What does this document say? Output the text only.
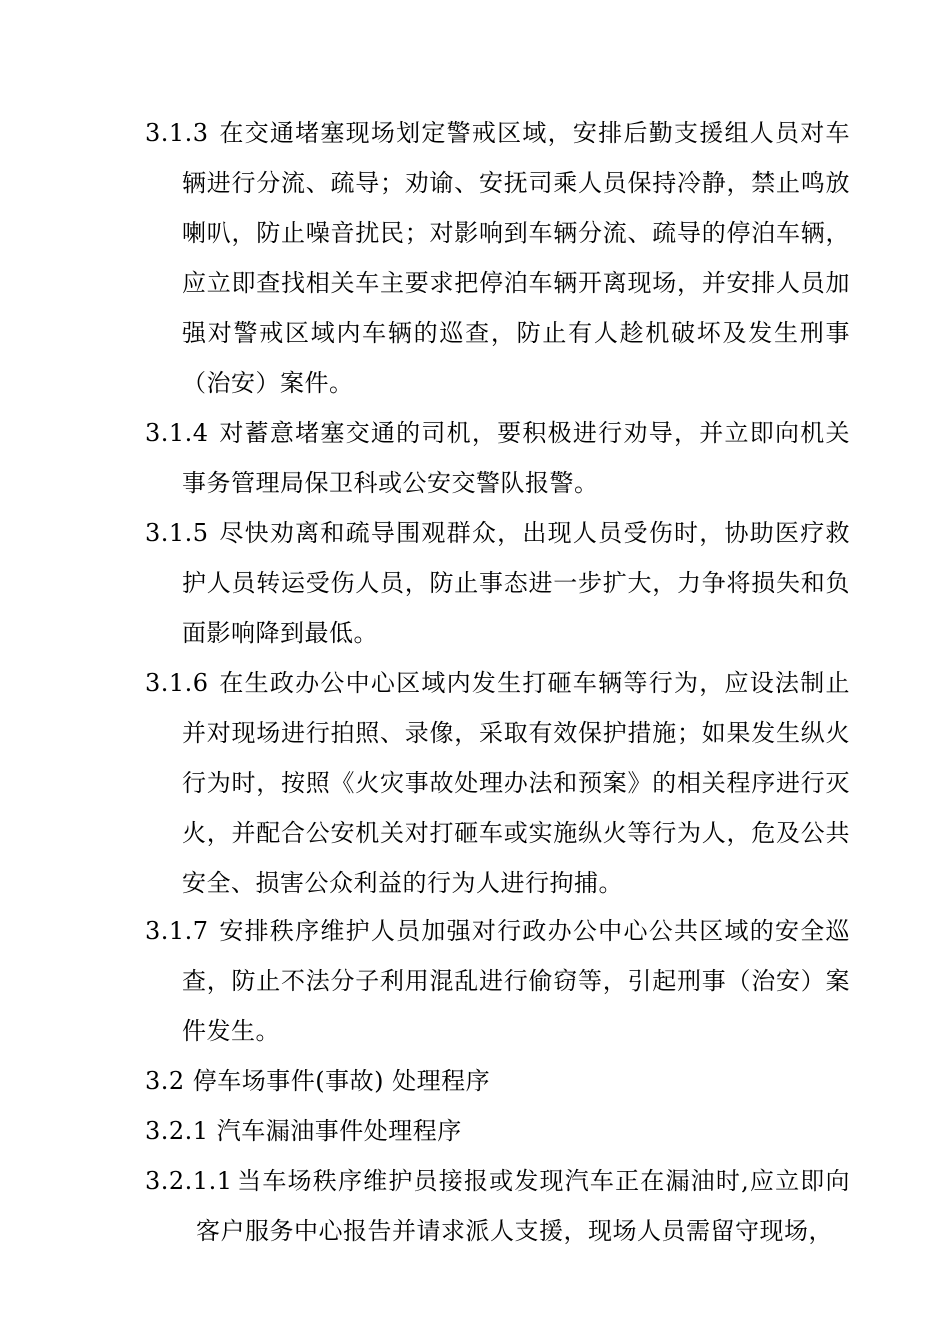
3.1.3 在交通堵塞现场划定警戒区域，安排后勤支援组人员对车辆进行分流、疏导；劝谕、安抚司乘人员保持冷静，禁止鸣放喇叭，防止噪音扰民；对影响到车辆分流、疏导的停泊车辆，应立即查找相关车主要求把停泊车辆开离现场，并安排人员加强对警戒区域内车辆的巡查，防止有人趁机破坏及发生刑事（治安）案件。
3.1.4 对蓄意堵塞交通的司机，要积极进行劝导，并立即向机关事务管理局保卫科或公安交警队报警。
3.1.5 尽快劝离和疏导围观群众，出现人员受伤时，协助医疗救护人员转运受伤人员，防止事态进一步扩大，力争将损失和负面影响降到最低。
3.1.6 在生政办公中心区域内发生打砸车辆等行为，应设法制止并对现场进行拍照、录像，采取有效保护措施；如果发生纵火行为时，按照《火灾事故处理办法和预案》的相关程序进行灭火，并配合公安机关对打砸车或实施纵火等行为人，危及公共安全、损害公众利益的行为人进行拘捕。
3.1.7 安排秩序维护人员加强对行政办公中心公共区域的安全巡查，防止不法分子利用混乱进行偷窃等，引起刑事（治安）案件发生。
3.2 停车场事件(事故) 处理程序
3.2.1 汽车漏油事件处理程序
3.2.1.1 当车场秩序维护员接报或发现汽车正在漏油时,应立即向客户服务中心报告并请求派人支援，现场人员需留守现场，
